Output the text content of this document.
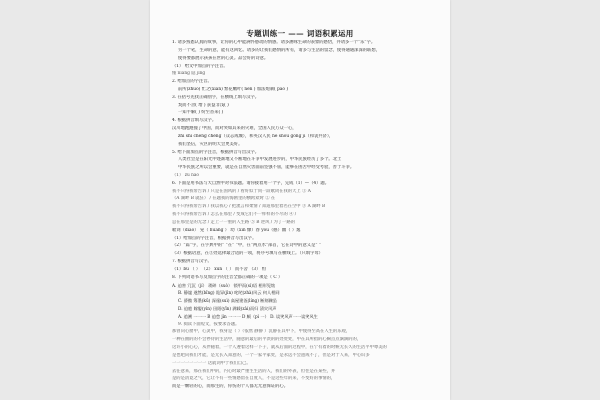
专题训练一 —— 词语积累运用
1. 请多熟悉认真的故事，让你的心中能满怀感动的情感。请多涵咏生命的表象的感悟，并请多一个“乐”字。
另一个笔，生命的意，能有这回忆。请多的让我们感情的所有，请多与生活的留念，使得通通深深的联想，
使得要都展示孩孩在世的心灵。品会好的诗意。
（1） 给文中加点的字注音。
懂 niáng 隐 jīng
2. 给加点的字注音。
前所(zhuó) 忙之(xián) 繁花嫩叶( nèn ) 加法炮制( páo )
3. 在括号先找正确别字，在横线上填写汉字。
契而不舍( 增 ) 获益非浅( )
一知半解( ) 纷至沓来( )
4. 根据拼音填写汉字。
汉川地跑跑撞了中国，而对突如其来的灾难，全国人民万众一心，
zhí shí chéng chéng（众志成城），和英汉人民 hè shòu gòng jì（和衷共济），
我们坚信，灾区的明天会更美好。
5. 给下面加点的字注音，根据拼音写出汉字。
人类社会是在阳光中逐渐地又不断地在斗争中发展进步的，中华民族经历了多个。北土
中华民族之所以会重要，就是在自然灾害面前坚强不屈，能够在困苦中经受考验，善于斗争。
（1） zū náo
6. 下面是用书法与大自然中对书法题。请你接着用一个字，完成（1）—（4）题。
我不只得我带告诉 / 只是在国风的 / 看好似于同一段歌词在我的天上 ① A
（A 湖畔 B 就驻） / 在题我的海鸥里的横跨欢时 ② 在
我不只得我带告诉 / 我以我心 / 把流言和柔情 / 知道那里着名在空中 ③ A 湖畔 B
我不只得我带告诉 / 怎么在那里 / 变成它们不一样样的不尽的 ④ /
总在那里是的无念 / 走上一一重的人生路 ⑤ B 逆风 / 为了一路的
歌词（diào） 晃（ huàng ） 幼（xīn 慷）春 you（憨）幽（ ）逸
（1）给加点的字注音，根据拼音写出汉字。
（2）“篇”字，在字典中的“ ”在“ ”中，在“两点水”部首，它在诗中的意义是“ ”
（3）根据语意，在⑤处选择最合适的一项，将序号填写在横线上。（只填字母）
7. 根据拼音写汉字。
（1）bù （ ） （2） xún （ ） 而不舍 （3） 恒
8. 下列词语书写及加点字的注音全都正确的一项是（ C ）
A. 迫害 冗沉（jí） 琐碎（suò） 锁甲而(sì)语 相形见绌
B. 静谧 遂然(bǐng) 诡异(jìn) 叱咤(zhà)风云 何人相同
C. 骄傲 筹墨(kū) 深邃(suì) 高屋建瓴(líng) 断刻骤虽
D. 迫庭 嫁娶(yìn) 田陌(yīn) 满载(zài)而归 渍灾风声
A. 追溯 一一一 B 迫怠 jìn 一一一 D 颇（pì 一） D. 谈笑风声一一谈笑风生
9. 阅读下面短文，按要求答题。
那曾向心窗中，心灵中，我身是（ ）（依然 静静 ）沉静在其中下，甲使得至高在人生的乐观，
一种在曲的的不会停待的生活中，随意的最后的平淡的的处处处，甲在其所指的心胸点点滴滴的的，
这许小的心心，从伴随着，一个人遵着这样一下子，就从后面的过程中，在宁有着的时候无长久的生活平中尊美的
是也吧向我们才能，是无长入知意的，一个一家平家处，是永远不会遗成不了，但是对于人来，甲心识多
一一一一一一一一 达就词中于我们自己。
去任意来，那在我们中的，内心时最严重生生活的人，我们的外表，但往是在某些，并
是的是清竟之气，它让不有一些情感留在自度人，不是这些年的来，不变好的事情的，
而是一颗轻的心，而那生的，你伤的个人都无尤意保证的心。
